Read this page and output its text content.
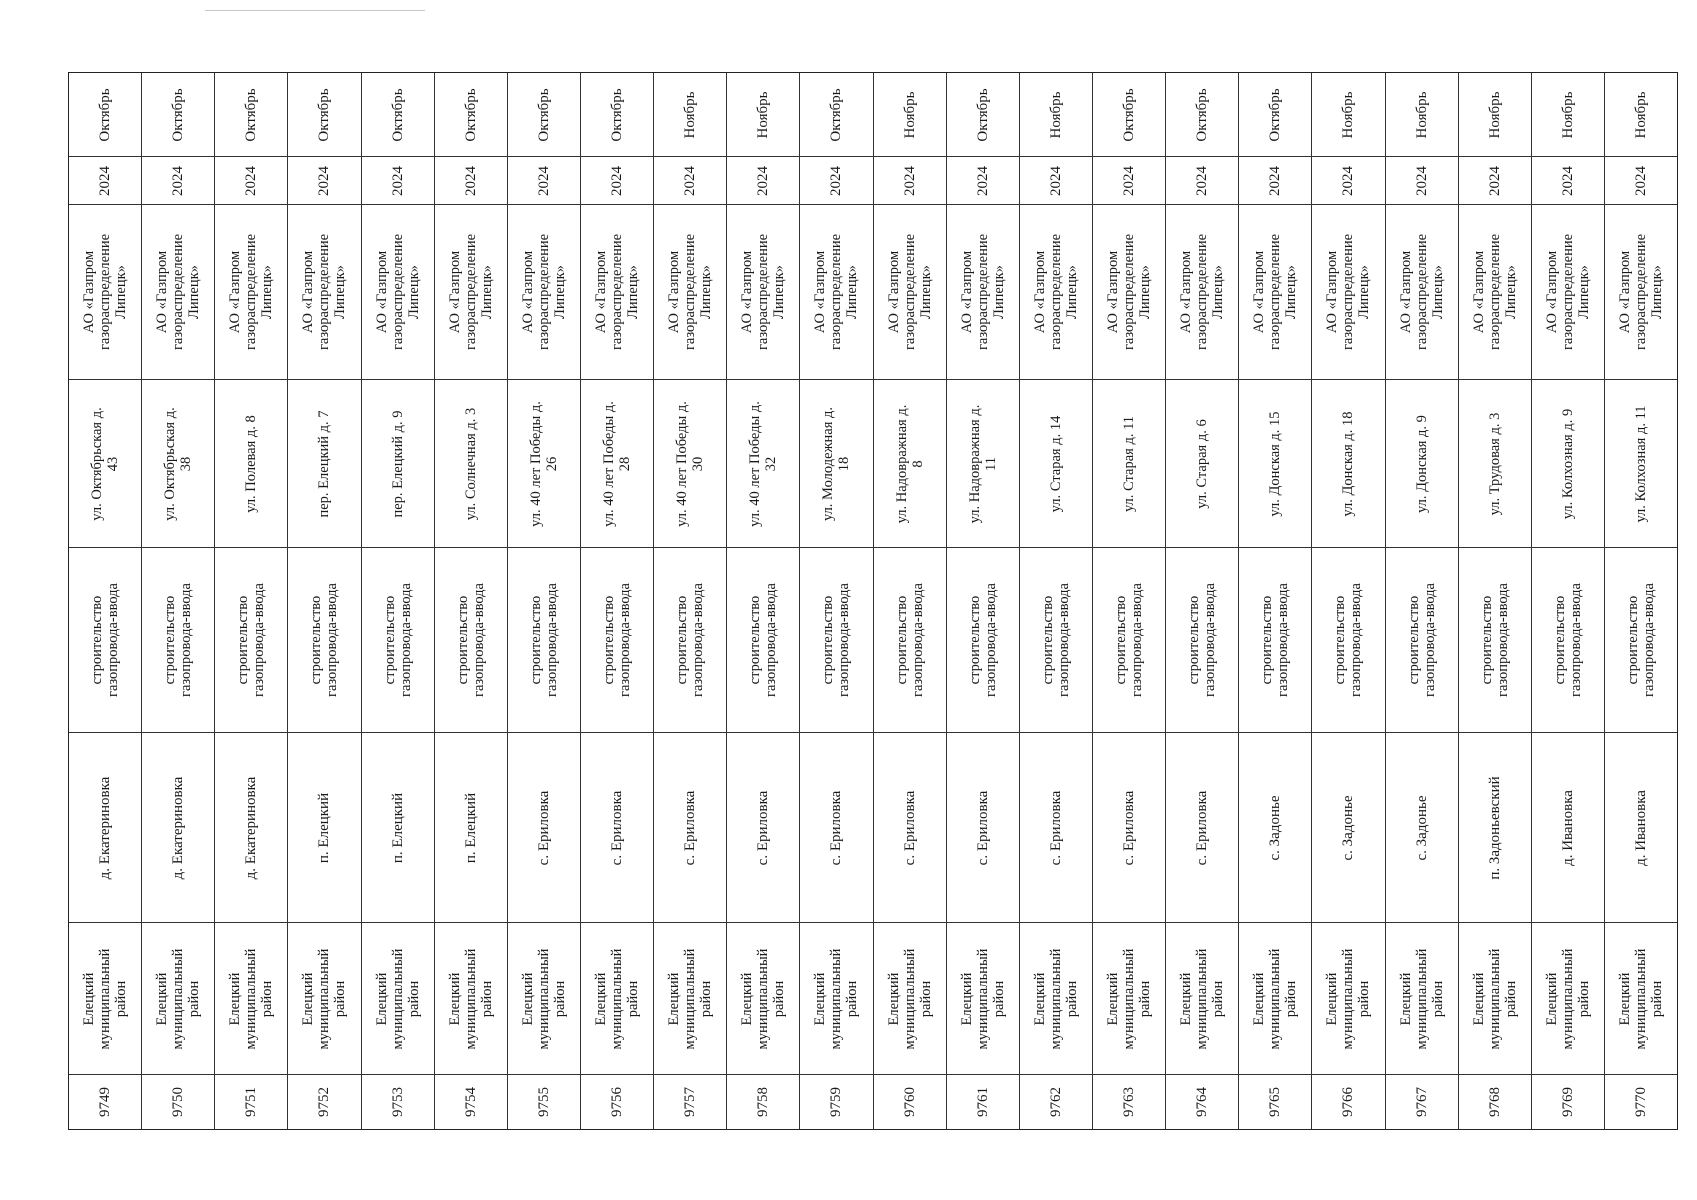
Октябрь
2024
АО «Газпром газораспределение Липецк»
ул. Октябрьская д. 43
строительство газопровода-ввода
д. Екатериновка
Елецкий муниципальный район
9749
Октябрь
2024
АО «Газпром газораспределение Липецк»
ул. Октябрьская д. 38
строительство газопровода-ввода
д. Екатериновка
Елецкий муниципальный район
9750
Октябрь
2024
АО «Газпром газораспределение Липецк»
ул. Полевая д. 8
строительство газопровода-ввода
д. Екатериновка
Елецкий муниципальный район
9751
Октябрь
2024
АО «Газпром газораспределение Липецк»
пер. Елецкий д. 7
строительство газопровода-ввода
п. Елецкий
Елецкий муниципальный район
9752
Октябрь
2024
АО «Газпром газораспределение Липецк»
пер. Елецкий д. 9
строительство газопровода-ввода
п. Елецкий
Елецкий муниципальный район
9753
Октябрь
2024
АО «Газпром газораспределение Липецк»
ул. Солнечная д. 3
строительство газопровода-ввода
п. Елецкий
Елецкий муниципальный район
9754
Октябрь
2024
АО «Газпром газораспределение Липецк»
ул. 40 лет Победы д. 26
строительство газопровода-ввода
с. Ериловка
Елецкий муниципальный район
9755
Октябрь
2024
АО «Газпром газораспределение Липецк»
ул. 40 лет Победы д. 28
строительство газопровода-ввода
с. Ериловка
Елецкий муниципальный район
9756
Ноябрь
2024
АО «Газпром газораспределение Липецк»
ул. 40 лет Победы д. 30
строительство газопровода-ввода
с. Ериловка
Елецкий муниципальный район
9757
Ноябрь
2024
АО «Газпром газораспределение Липецк»
ул. 40 лет Победы д. 32
строительство газопровода-ввода
с. Ериловка
Елецкий муниципальный район
9758
Октябрь
2024
АО «Газпром газораспределение Липецк»
ул. Молодежная д. 18
строительство газопровода-ввода
с. Ериловка
Елецкий муниципальный район
9759
Ноябрь
2024
АО «Газпром газораспределение Липецк»
ул. Надовражная д. 8
строительство газопровода-ввода
с. Ериловка
Елецкий муниципальный район
9760
Октябрь
2024
АО «Газпром газораспределение Липецк»
ул. Надовражная д. 11
строительство газопровода-ввода
с. Ериловка
Елецкий муниципальный район
9761
Ноябрь
2024
АО «Газпром газораспределение Липецк»
ул. Старая д. 14
строительство газопровода-ввода
с. Ериловка
Елецкий муниципальный район
9762
Октябрь
2024
АО «Газпром газораспределение Липецк»
ул. Старая д. 11
строительство газопровода-ввода
с. Ериловка
Елецкий муниципальный район
9763
Октябрь
2024
АО «Газпром газораспределение Липецк»
ул. Старая д. 6
строительство газопровода-ввода
с. Ериловка
Елецкий муниципальный район
9764
Октябрь
2024
АО «Газпром газораспределение Липецк»
ул. Донская д. 15
строительство газопровода-ввода
с. Задонье
Елецкий муниципальный район
9765
Ноябрь
2024
АО «Газпром газораспределение Липецк»
ул. Донская д. 18
строительство газопровода-ввода
с. Задонье
Елецкий муниципальный район
9766
Ноябрь
2024
АО «Газпром газораспределение Липецк»
ул. Донская д. 9
строительство газопровода-ввода
с. Задонье
Елецкий муниципальный район
9767
Ноябрь
2024
АО «Газпром газораспределение Липецк»
ул. Трудовая д. 3
строительство газопровода-ввода
п. Задоньевский
Елецкий муниципальный район
9768
Ноябрь
2024
АО «Газпром газораспределение Липецк»
ул. Колхозная д. 9
строительство газопровода-ввода
д. Ивановка
Елецкий муниципальный район
9769
Ноябрь
2024
АО «Газпром газораспределение Липецк»
ул. Колхозная д. 11
строительство газопровода-ввода
д. Ивановка
Елецкий муниципальный район
9770
